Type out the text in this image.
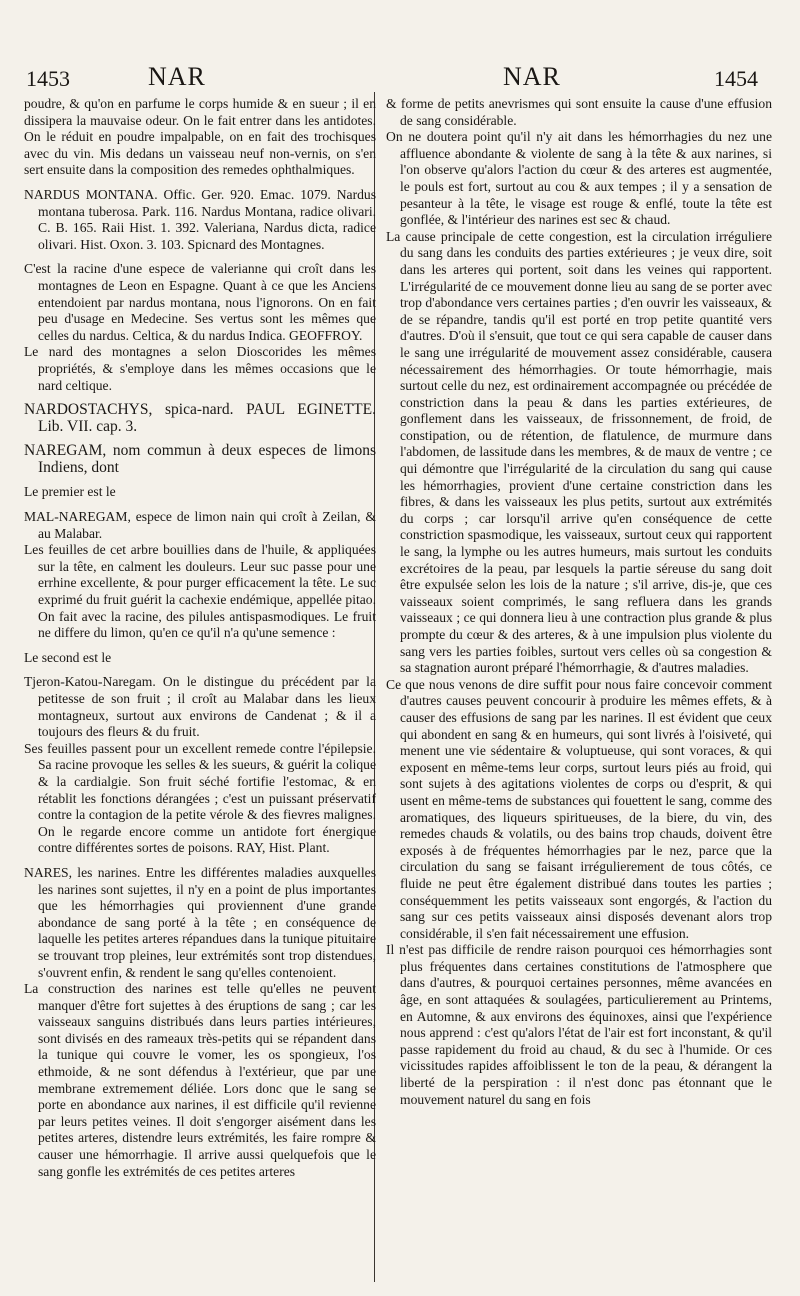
1453	NAR	NAR	1454

poudre, & qu'on en parfume le corps humide & en sueur ; il en dissipera la mauvaise odeur. On le fait entrer dans les antidotes. On le réduit en poudre impalpable, on en fait des trochisques avec du vin. Mis dedans un vaisseau neuf non-vernis, on s'en sert ensuite dans la composition des remedes ophthalmiques.

NARDUS MONTANA. Offic. Ger. 920. Emac. 1079. Nardus montana tuberosa. Park. 116. Nardus Montana, radice olivari. C. B. 165. Raii Hist. 1. 392. Valeriana, Nardus dicta, radice olivari. Hist. Oxon. 3. 103. Spicnard des Montagnes.

C'est la racine d'une espece de valerianne qui croît dans les montagnes de Leon en Espagne. Quant à ce que les Anciens entendoient par nardus montana, nous l'ignorons. On en fait peu d'usage en Medecine. Ses vertus sont les mêmes que celles du nardus. Celtica, & du nardus Indica. GEOFFROY.

Le nard des montagnes a selon Dioscorides les mêmes propriétés, & s'employe dans les mêmes occasions que le nard celtique.

NARDOSTACHYS, spica-nard. PAUL EGINETTE. Lib. VII. cap. 3.

NAREGAM, nom commun à deux especes de limons Indiens, dont

Le premier est le

MAL-NAREGAM, espece de limon nain qui croît à Zeilan, & au Malabar.

Les feuilles de cet arbre bouillies dans de l'huile, & appliquées sur la tête, en calment les douleurs. Leur suc passe pour une errhine excellente, & pour purger efficacement la tête. Le suc exprimé du fruit guérit la cachexie endémique, appellée pitao. On fait avec la racine, des pilules antispasmodiques. Le fruit ne differe du limon, qu'en ce qu'il n'a qu'une semence :

Le second est le

Tjeron-Katou-Naregam. On le distingue du précédent par la petitesse de son fruit ; il croît au Malabar dans les lieux montagneux, surtout aux environs de Candenat ; & il a toujours des fleurs & du fruit.

Ses feuilles passent pour un excellent remede contre l'épilepsie. Sa racine provoque les selles & les sueurs, & guérit la colique & la cardialgie. Son fruit séché fortifie l'estomac, & en rétablit les fonctions dérangées ; c'est un puissant préservatif contre la contagion de la petite vérole & des fievres malignes. On le regarde encore comme un antidote fort énergique contre différentes sortes de poisons. RAY, Hist. Plant.

NARES, les narines. Entre les différentes maladies auxquelles les narines sont sujettes, il n'y en a point de plus importantes que les hémorrhagies qui proviennent d'une grande abondance de sang porté à la tête ; en conséquence de laquelle les petites arteres répandues dans la tunique pituitaire se trouvant trop pleines, leur extrémités sont trop distendues, s'ouvrent enfin, & rendent le sang qu'elles contenoient.

La construction des narines est telle qu'elles ne peuvent manquer d'être fort sujettes à des éruptions de sang ; car les vaisseaux sanguins distribués dans leurs parties intérieures, sont divisés en des rameaux très-petits qui se répandent dans la tunique qui couvre le vomer, les os spongieux, l'os ethmoide, & ne sont défendus à l'extérieur, que par une membrane extremement déliée. Lors donc que le sang se porte en abondance aux narines, il est difficile qu'il revienne par leurs petites veines. Il doit s'engorger aisément dans les petites arteres, distendre leurs extrémités, les faire rompre & causer une hémorrhagie. Il arrive aussi quelquefois que le sang gonfle les extrémités de ces petites arteres

& forme de petits anevrismes qui sont ensuite la cause d'une effusion de sang considérable.

On ne doutera point qu'il n'y ait dans les hémorrhagies du nez une affluence abondante & violente de sang à la tête & aux narines, si l'on observe qu'alors l'action du cœur & des arteres est augmentée, le pouls est fort, surtout au cou & aux tempes ; il y a sensation de pesanteur à la tête, le visage est rouge & enflé, toute la tête est gonflée, & l'intérieur des narines est sec & chaud.

La cause principale de cette congestion, est la circulation irréguliere du sang dans les conduits des parties extérieures ; je veux dire, soit dans les arteres qui portent, soit dans les veines qui rapportent. L'irrégularité de ce mouvement donne lieu au sang de se porter avec trop d'abondance vers certaines parties ; d'en ouvrir les vaisseaux, & de se répandre, tandis qu'il est porté en trop petite quantité vers d'autres. D'où il s'ensuit, que tout ce qui sera capable de causer dans le sang une irrégularité de mouvement assez considérable, causera nécessairement des hémorrhagies. Or toute hémorrhagie, mais surtout celle du nez, est ordinairement accompagnée ou précédée de constriction dans la peau & dans les parties extérieures, de gonflement dans les vaisseaux, de frissonnement, de froid, de constipation, ou de rétention, de flatulence, de murmure dans l'abdomen, de lassitude dans les membres, & de maux de ventre ; ce qui démontre que l'irrégularité de la circulation du sang qui cause les hémorrhagies, provient d'une certaine constriction dans les fibres, & dans les vaisseaux les plus petits, surtout aux extrémités du corps ; car lorsqu'il arrive qu'en conséquence de cette constriction spasmodique, les vaisseaux, surtout ceux qui rapportent le sang, la lymphe ou les autres humeurs, mais surtout les conduits excrétoires de la peau, par lesquels la partie séreuse du sang doit être expulsée selon les lois de la nature ; s'il arrive, dis-je, que ces vaisseaux soient comprimés, le sang refluera dans les grands vaisseaux ; ce qui donnera lieu à une contraction plus grande & plus prompte du cœur & des arteres, & à une impulsion plus violente du sang vers les parties foibles, surtout vers celles où sa congestion & sa stagnation auront préparé l'hémorrhagie, & d'autres maladies.

Ce que nous venons de dire suffit pour nous faire concevoir comment d'autres causes peuvent concourir à produire les mêmes effets, & à causer des effusions de sang par les narines. Il est évident que ceux qui abondent en sang & en humeurs, qui sont livrés à l'oisiveté, qui menent une vie sédentaire & voluptueuse, qui sont voraces, & qui exposent en même-tems leur corps, surtout leurs piés au froid, qui sont sujets à des agitations violentes de corps ou d'esprit, & qui usent en même-tems de substances qui fouettent le sang, comme des aromatiques, des liqueurs spiritueuses, de la biere, du vin, des remedes chauds & volatils, ou des bains trop chauds, doivent être exposés à de fréquentes hémorrhagies par le nez, parce que la circulation du sang se faisant irrégulierement de tous côtés, ce fluide ne peut être également distribué dans toutes les parties ; conséquemment les petits vaisseaux sont engorgés, & l'action du sang sur ces petits vaisseaux ainsi disposés devenant alors trop considérable, il s'en fait nécessairement une effusion.

Il n'est pas difficile de rendre raison pourquoi ces hémorrhagies sont plus fréquentes dans certaines constitutions de l'atmosphere que dans d'autres, & pourquoi certaines personnes, même avancées en âge, en sont attaquées & soulagées, particulierement au Printems, en Automne, & aux environs des équinoxes, ainsi que l'expérience nous apprend : c'est qu'alors l'état de l'air est fort inconstant, & qu'il passe rapidement du froid au chaud, & du sec à l'humide. Or ces vicissitudes rapides affoiblissent le ton de la peau, & dérangent la liberté de la perspiration : il n'est donc pas étonnant que le mouvement naturel du sang en fois
